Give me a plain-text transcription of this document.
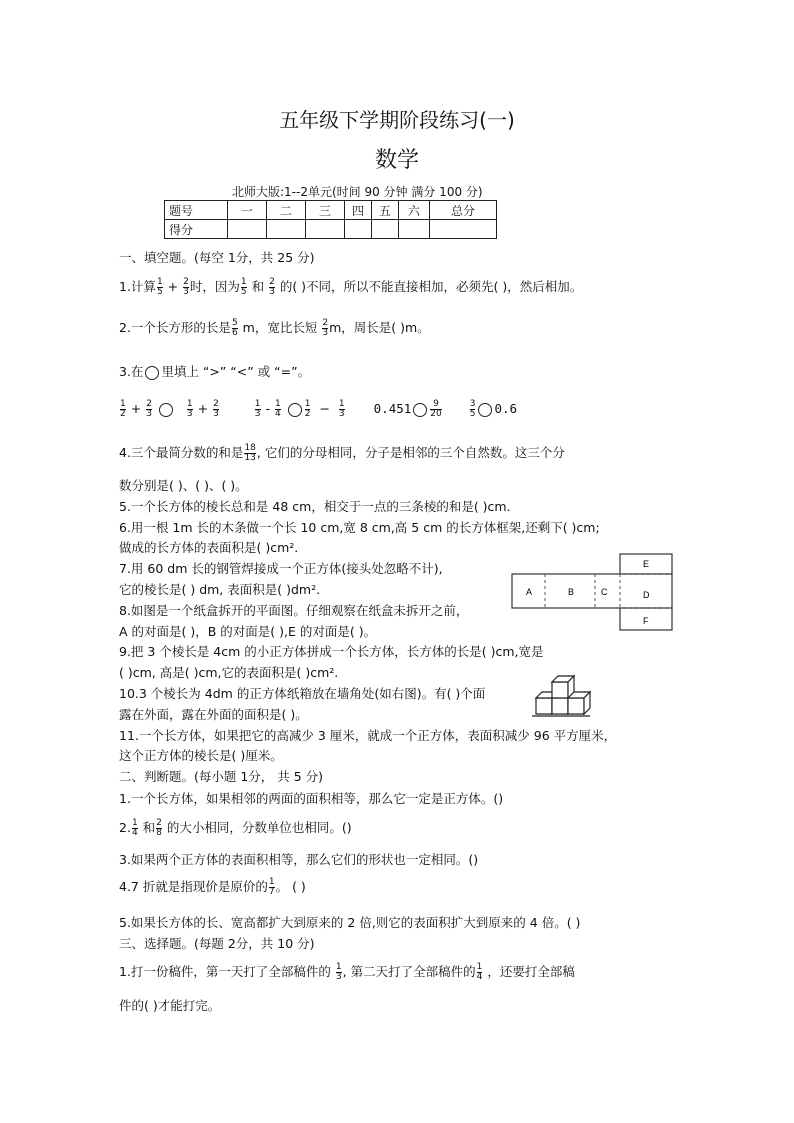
五年级下学期阶段练习(一)
数学
北师大版:1--2单元(时间 90 分钟 满分 100 分)
题号	一	二	三	四	五	六	总分
得分							
一、填空题。(每空 1分，共 25 分)
1.计算 $\frac{1}{5} + \frac{2}{3}$ 时，因为 $\frac{1}{5}$ 和 $\frac{2}{3}$ 的( )不同，所以不能直接相加，必须先( )，然后相加。
2.一个长方形的长是 $\frac{5}{6}$ m，宽比长短 $\frac{2}{3}$ m，周长是( )m。
3.在 里填上 “>” “<” 或 “=”。
$\frac{1}{2} + \frac{2}{3}$
	$\frac{1}{3} + \frac{2}{3}$
	$\frac{1}{3} - \frac{1}{4}$
	$\frac{1}{2} - \frac{1}{3} 0.451 \frac{9}{20}$
	$\frac{3}{5} 0.6$
4.三个最简分数的和是 $\frac{18}{13}$ , 它们的分母相同，分子是相邻的三个自然数。这三个分
数分别是( )、( )、( )。
5.一个长方体的棱长总和是 48 cm，相交于一点的三条棱的和是( )cm.
6.用一根 1m 长的木条做一个长 10 cm,宽 8 cm,高 5 cm 的长方体框架,还剩下( )cm;
做成的长方体的表面积是( )cm².
7.用 60 dm 长的钢管焊接成一个正方体(接头处忽略不计),
它的棱长是( ) dm, 表面积是( )dm².
8.如图是一个纸盒拆开的平面图。仔细观察在纸盒未拆开之前，
A 的对面是( )，B 的对面是( ),E 的对面是( )。
9.把 3 个棱长是 4cm 的小正方体拼成一个长方体，长方体的长是( )cm,宽是
( )cm, 高是( )cm,它的表面积是( )cm².
10.3 个棱长为 4dm 的正方体纸箱放在墙角处(如右图)。有( )个面
露在外面，露在外面的面积是( )。
11.一个长方体，如果把它的高减少 3 厘米，就成一个正方体，表面积减少 96 平方厘米，
这个正方体的棱长是( )厘米。
A	B	C	D
E
F
二、判断题。(每小题 1分， 共 5 分)
1.一个长方体，如果相邻的两面的面积相等，那么它一定是正方体。()
2. $\frac{1}{4}$ 和 $\frac{2}{8}$ 的大小相同，分数单位也相同。()
3.如果两个正方体的表面积相等，那么它们的形状也一定相同。()
4.7 折就是指现价是原价的 $\frac{1}{7}$ 。 ( )
5.如果长方体的长、宽高都扩大到原来的 2 倍,则它的表面积扩大到原来的 4 倍。( )
三、选择题。(每题 2分，共 10 分)
1.打一份稿件，第一天打了全部稿件的 $\frac{1}{3}$ , 第二天打了全部稿件的 $\frac{1}{4}$ ，还要打全部稿
件的( )才能打完。
